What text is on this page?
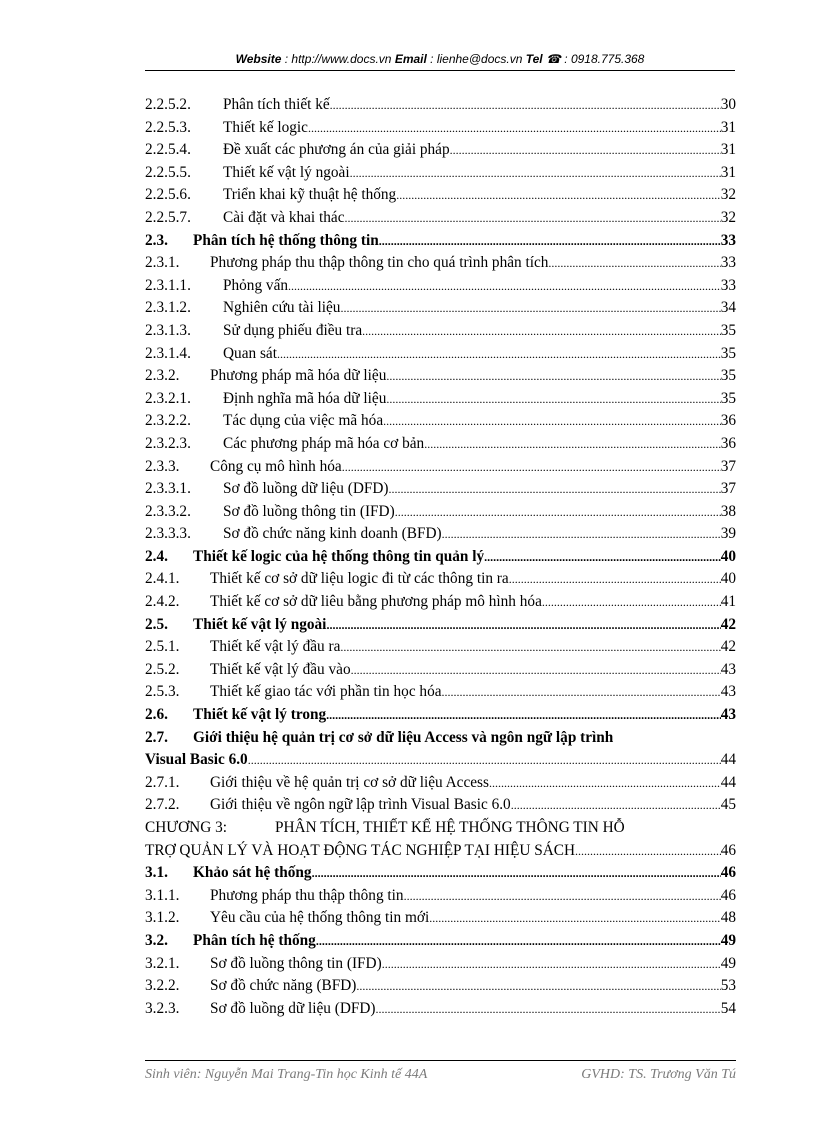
Website : http://www.docs.vn Email : lienhe@docs.vn Tel ☎ : 0918.775.368
2.2.5.2. Phân tích thiết kế .....	30
2.2.5.3. Thiết kế logic .....	31
2.2.5.4. Đề xuất các phương án của giải pháp .....	31
2.2.5.5. Thiết kế vật lý ngoài .....	31
2.2.5.6. Triển khai kỹ thuật hệ thống .....	32
2.2.5.7. Cài đặt và khai thác .....	32
2.3. Phân tích hệ thống thông tin .....	33
2.3.1. Phương pháp thu thập thông tin cho quá trình phân tích .....	33
2.3.1.1. Phỏng vấn .....	33
2.3.1.2. Nghiên cứu tài liệu .....	34
2.3.1.3. Sử dụng phiếu điều tra .....	35
2.3.1.4. Quan sát .....	35
2.3.2. Phương pháp mã hóa dữ liệu .....	35
2.3.2.1. Định nghĩa mã hóa dữ liệu .....	35
2.3.2.2. Tác dụng của việc mã hóa .....	36
2.3.2.3. Các phương pháp mã hóa cơ bản .....	36
2.3.3. Công cụ mô hình hóa .....	37
2.3.3.1. Sơ đồ luồng dữ liệu (DFD) .....	37
2.3.3.2. Sơ đồ luồng thông tin (IFD) .....	38
2.3.3.3. Sơ đồ chức năng kinh doanh (BFD) .....	39
2.4. Thiết kế logic của hệ thống thông tin quản lý .....	40
2.4.1. Thiết kế cơ sở dữ liệu logic đi từ các thông tin ra .....	40
2.4.2. Thiết kế cơ sở dữ liêu bằng phương pháp mô hình hóa .....	41
2.5. Thiết kế vật lý ngoài .....	42
2.5.1. Thiết kế vật lý đầu ra .....	42
2.5.2. Thiết kế vật lý đầu vào .....	43
2.5.3. Thiết kế giao tác với phần tin học hóa .....	43
2.6. Thiết kế vật lý trong .....	43
2.7. Giới thiệu hệ quản trị cơ sở dữ liệu Access và ngôn ngữ lập trình
Visual Basic 6.0 .....	44
2.7.1. Giới thiệu về hệ quản trị cơ sở dữ liệu Access .....	44
2.7.2. Giới thiệu về ngôn ngữ lập trình Visual Basic 6.0 .....	45
CHƯƠNG 3:	PHÂN TÍCH, THIẾT KẾ HỆ THỐNG THÔNG TIN HỖ
TRỢ QUẢN LÝ VÀ HOẠT ĐỘNG TÁC NGHIỆP TẠI HIỆU SÁCH .....	46
3.1. Khảo sát hệ thống .....	46
3.1.1. Phương pháp thu thập thông tin .....	46
3.1.2. Yêu cầu của hệ thống thông tin mới .....	48
3.2. Phân tích hệ thống .....	49
3.2.1. Sơ đồ luồng thông tin (IFD) .....	49
3.2.2. Sơ đồ chức năng (BFD) .....	53
3.2.3. Sơ đồ luồng dữ liệu (DFD) .....	54
Sinh viên: Nguyễn Mai Trang-Tin học Kinh tế 44A	GVHD: TS. Trương Văn Tú
